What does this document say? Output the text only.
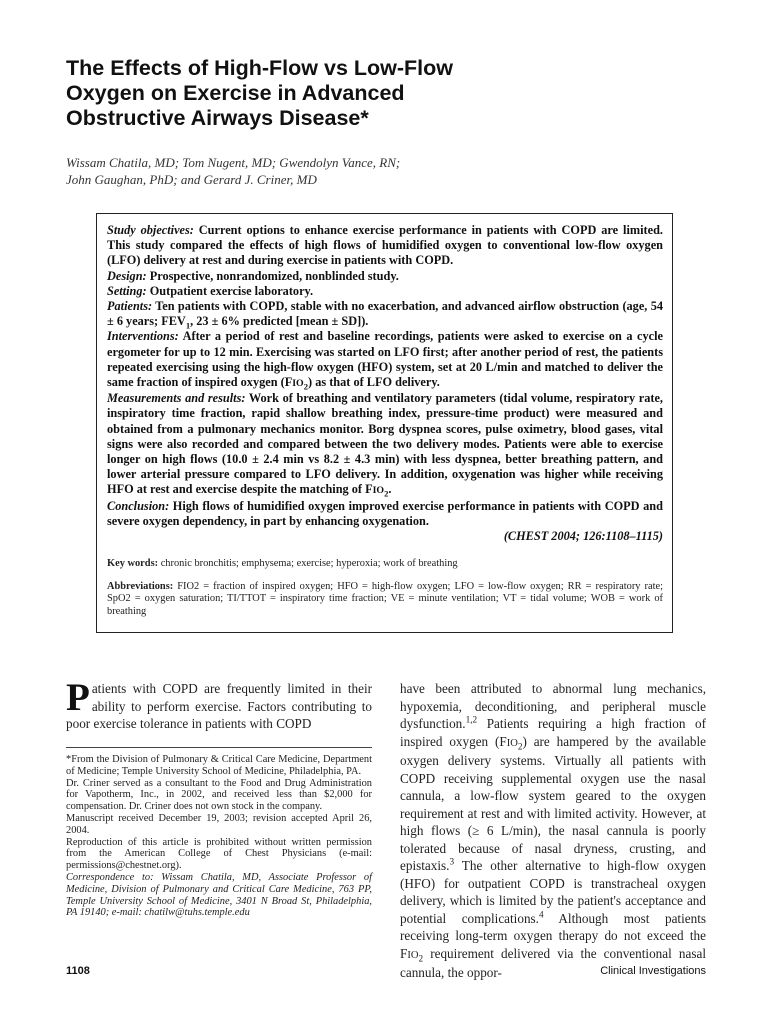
The Effects of High-Flow vs Low-Flow
Oxygen on Exercise in Advanced
Obstructive Airways Disease*
Wissam Chatila, MD; Tom Nugent, MD; Gwendolyn Vance, RN;
John Gaughan, PhD; and Gerard J. Criner, MD

Study objectives: Current options to enhance exercise performance in patients with COPD are limited. This study compared the effects of high flows of humidified oxygen to conventional low-flow oxygen (LFO) delivery at rest and during exercise in patients with COPD.

Design: Prospective, nonrandomized, nonblinded study.

Setting: Outpatient exercise laboratory.

Patients: Ten patients with COPD, stable with no exacerbation, and advanced airflow obstruction (age, 54 ± 6 years; $FEV_1$, 23 ± 6% predicted [mean ± SD]).

Interventions: After a period of rest and baseline recordings, patients were asked to exercise on a cycle ergometer for up to 12 min. Exercising was started on LFO first; after another period of rest, the patients repeated exercising using the high-flow oxygen (HFO) system, set at 20 L/min and matched to deliver the same fraction of inspired oxygen $(FIO_2)$ as that of LFO delivery.

Measurements and results: Work of breathing and ventilatory parameters (tidal volume, respiratory rate, inspiratory time fraction, rapid shallow breathing index, pressure-time product) were measured and obtained from a pulmonary mechanics monitor. Borg dyspnea scores, pulse oximetry, blood gases, vital signs were also recorded and compared between the two delivery modes. Patients were able to exercise longer on high flows (10.0 ± 2.4 min vs 8.2 ± 4.3 min) with less dyspnea, better breathing pattern, and lower arterial pressure compared to LFO delivery. In addition, oxygenation was higher while receiving HFO at rest and exercise despite the matching of $FIO_2$.

Conclusion: High flows of humidified oxygen improved exercise performance in patients with COPD and severe oxygen dependency, in part by enhancing oxygenation.

(CHEST 2004; 126:1108–1115)
Key words: chronic bronchitis; emphysema; exercise; hyperoxia; work of breathing
Abbreviations: FIO2 = fraction of inspired oxygen; HFO = high-flow oxygen; LFO = low-flow oxygen; RR = respiratory rate; SpO2 = oxygen saturation; TI/TTOT = inspiratory time fraction; VE = minute ventilation; VT = tidal volume; WOB = work of breathing
Patients with COPD are frequently limited in their ability to perform exercise. Factors contributing to poor exercise tolerance in patients with COPD

*From the Division of Pulmonary & Critical Care Medicine, Department of Medicine; Temple University School of Medicine, Philadelphia, PA.

Dr. Criner served as a consultant to the Food and Drug Administration for Vapotherm, Inc., in 2002, and received less than $2,000 for compensation. Dr. Criner does not own stock in the company.

Manuscript received December 19, 2003; revision accepted April 26, 2004.

Reproduction of this article is prohibited without written permission from the American College of Chest Physicians (e-mail: permissions@chestnet.org).

Correspondence to: Wissam Chatila, MD, Associate Professor of Medicine, Division of Pulmonary and Critical Care Medicine, 763 PP, Temple University School of Medicine, 3401 N Broad St, Philadelphia, PA 19140; e-mail: chatilw@tuhs.temple.edu

have been attributed to abnormal lung mechanics, hypoxemia, deconditioning, and peripheral muscle dysfunction.$^{1,2}$ Patients requiring a high fraction of inspired oxygen $(FIO_2)$ are hampered by the available oxygen delivery systems. Virtually all patients with COPD receiving supplemental oxygen use the nasal cannula, a low-flow system geared to the oxygen requirement at rest and with limited activity. However, at high flows (≥ 6 L/min), the nasal cannula is poorly tolerated because of nasal dryness, crusting, and epistaxis.$^3$ The other alternative to high-flow oxygen (HFO) for outpatient COPD is transtracheal oxygen delivery, which is limited by the patient's acceptance and potential complications.$^4$ Although most patients receiving long-term oxygen therapy do not exceed the $FIO_2$ requirement delivered via the conventional nasal cannula, the oppor-
1108	Clinical Investigations
